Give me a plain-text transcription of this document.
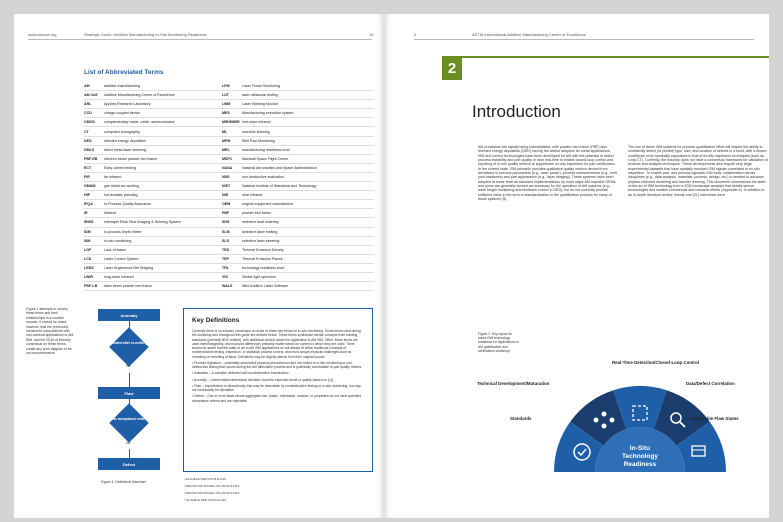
www.amcoe.org	Strategic Guide: Additive Manufacturing In-Situ Monitoring Readiness	15
List of Abbreviated Terms
AM	additive manufacturing	LPM	Laser Power Monitoring
AM CoE	Additive Manufacturing Center of Excellence	LUT	laser ultrasonic testing
ARL	Applied Research Laboratory	LWM	Laser Welding Monitor
CCD	charge-coupled device	MES	Manufacturing execution system
CMOS	complementary metal -oxide -semiconductor	MIR/MWIR mid-wave infrared
CT	computed tomography	ML	machine-learning
DED	directed energy deposition	MPM	Melt Pool Monitoring
DMLS	direct metal laser sintering	MRL	manufacturing readiness level
PBF-EB	electron beam powder bed fusion	MSFC	Marshall Space Flight Center
ECT	Eddy current testing	NASA	National Aeronautics and Space Administration
FIR	far infrared	NDE	non-destructive evaluation
GMAW	gas metal arc welding	NIST	National Institute of Standards and Technology
HIP	hot isostatic pressing	NIR	near infrared
IPQA	In-Process Quality Assurance	OEM	original equipment manufacturer
IR	infrared	PBF	powder bed fusion
IRISS	Interlayer Real-Time Imaging & Sensing System	SHS	selective heat sintering
IDM	In-process Depth Meter	SLM	selective laser melting
ISM	in-situ monitoring	SLS	selective laser sintering
LOF	Lack of fusion	TED	Thermal Emission Density
LCS	Laser Control System	TEP	Thermal Emission Planck
LENS	Laser Engineered Net Shaping	TRL	technology readiness level
LWIR	long-wave infrared	VIS	Visible light spectrum
PBF-LB	laser beam powder bed fusion	WALS	Wire Additive Laser Software
Figure 1 attempts to convey these terms and their relationships in a concise manner. It should be noted, however, that the previously mentioned compositions with non-nominal applications or AM ISM, and the ISQA of industry consensus on these terms, create any such diagram to be not comprehensive.
Anomaly
Healed after re-melting
No
Flaw
Meets acceptance criteria?
No
Defect
Figure 1. Definitions flowchart
Key Definitions

Currently there is no industry consensus on some of these key terms for in-situ monitoring. Some terms used during the workshop and throughout this guide are defined below. These terms synthesize similar concepts from existing standards (primarily NDE-related), with additional context added for application to AM ISM. Often, these terms are used interchangeably, and nuanced differences primarily matter based on context in which they are used. There should be aware that the state-of-art in AM ISM applications do not always fit within traditional concepts of nondestructive testing, inspection, or statistical process control, and must unique physical challenges such as reheating or remelting of flaws. Definitions may be slightly altered from their original source:

• Process Signature – potentially observable physical phenomenon and not limited to in-situ monitoring or non-destructive testing that occurs during the AM fabrication process and is potentially correlatable to part quality metrics

• Indication – A variation detected with nondestructive examination

• Anomaly – Unintended/unintentional deviation from the expected result or quality (based on [1])

• Flaw – Imperfection or discontinuity that may be detectable by nondestructive testing or in-situ monitoring, but may not necessarily be rejectable

• Defect – One or more flaws whose aggregate size, shape, orientation, location, or properties do not meet specified acceptance criteria and are rejectable

¹ ELIGIBLE PER ASTM E1316
² DEFINITION BASED ON ASTM E1316
³ DEFINITION BASED ON ASTM E1316
⁴ ELIGIBLE PER ASTM E1316
2	ASTM International Additive Manufacturing Center of Excellence
2
Introduction
AM processes are rapidly being industrialized, with powder bed fusion (PBF) and directed energy deposition (DED) having the widest adoption for metal applications. ISM and control technologies have been developed for AM with the potential to detect process instability and part quality in near real-time to enable closed-loop control and reporting of in-situ quality metrics to supplement ex-situ inspection for part certification. In the current state, ISM primarily provides qualitative quality metrics derived from deviations in process parameters (e.g., laser power), process measurements (e.g., melt pool irradiance) and part appearance (e.g., layer imaging). These systems have been adopted at some level as standard implementations by most major AM machine OEMs and some are generally viewed as necessary for the operation of AM systems (e.g., track height monitoring and feedback control in DED), but do not currently provide sufficient value in the form of standardization to the qualification process for many of those systems [5].
The use of these ISM systems for process qualification effort will require the ability to confidently detect (or predict) type, size, and location of defects in a build, with a known confidence level nominally equivalent to that of ex-situ inspection techniques (such as x-ray CT). Currently, the industry does not have a consensus framework for validation of sensors and analysis techniques. These developments also require very large experimental datasets that have spatially resolved ISM signals correlated to ex-situ inspection. To enable part- and process-agnostic ISM tools, collaboration across disciplines (e.g., data analysis, materials, process, design, etc.) is needed to advance physics-informed modeling and transfer learning. This document summarizes the state-of-the-art of ISM technology from a 2020 landscape analysis that details sensor technologies and notable commercial and research efforts (Appendix A). In addition to an in-depth literature review, twenty-one (21) interviews were
Figure 2. Key topics for future ISM technology readiness for applications in AM qualification and certification workshop
In-Situ
Technology
Readiness
Real-Time Detection/Closed-Loop Control
Technical Development/Maturation	Data/Defect Correlation
Standards	Detectable Flaw States
